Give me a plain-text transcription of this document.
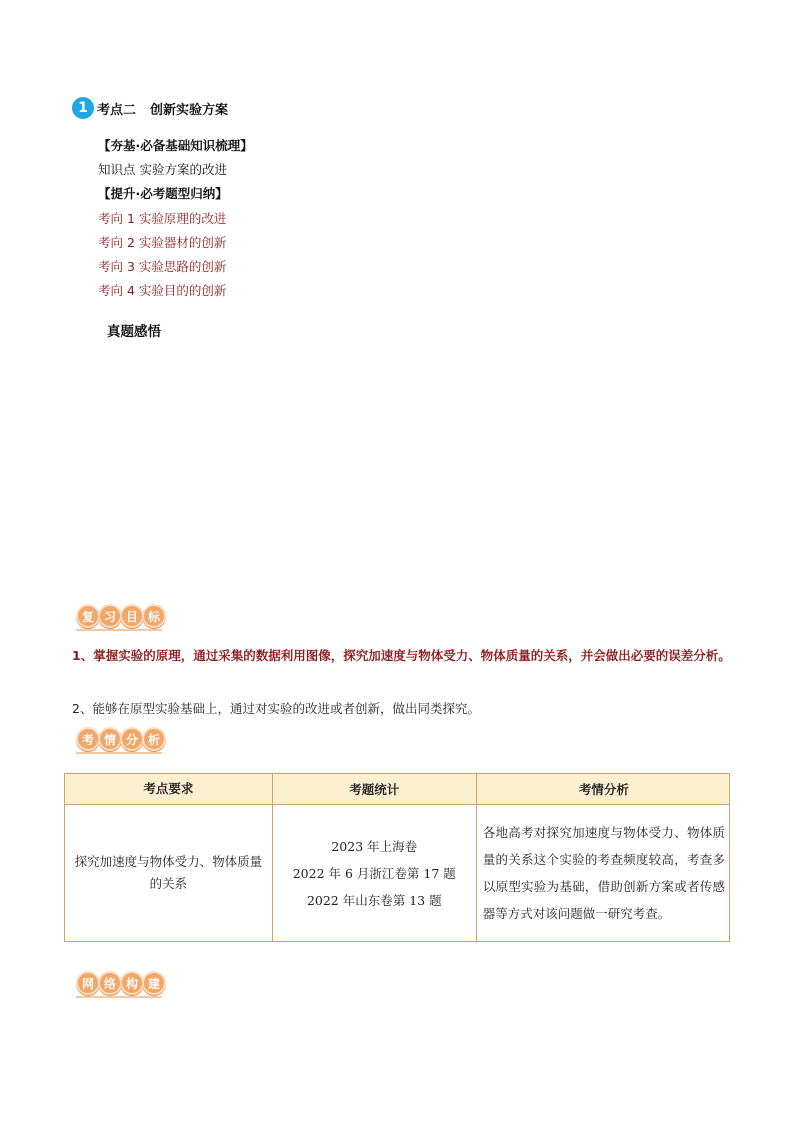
1 考点二 创新实验方案
【夯基·必备基础知识梳理】
知识点 实验方案的改进
【提升·必考题型归纳】
考向 1 实验原理的改进
考向 2 实验器材的创新
考向 3 实验思路的创新
考向 4 实验目的的创新
真题感悟
复 习 目 标
1、掌握实验的原理，通过采集的数据利用图像，探究加速度与物体受力、物体质量的关系，并会做出必要的误差分析。
2、能够在原型实验基础上，通过对实验的改进或者创新，做出同类探究。
考 情 分 析
考点要求	考题统计	考情分析
探究加速度与物体受力、物体质量的关系	2023 年上海卷
2022 年 6 月浙江卷第 17 题
2022 年山东卷第 13 题	各地高考对探究加速度与物体受力、物体质量的关系这个实验的考查频度较高，考查多以原型实验为基础，借助创新方案或者传感器等方式对该问题做一研究考查。
网 络 构 建
